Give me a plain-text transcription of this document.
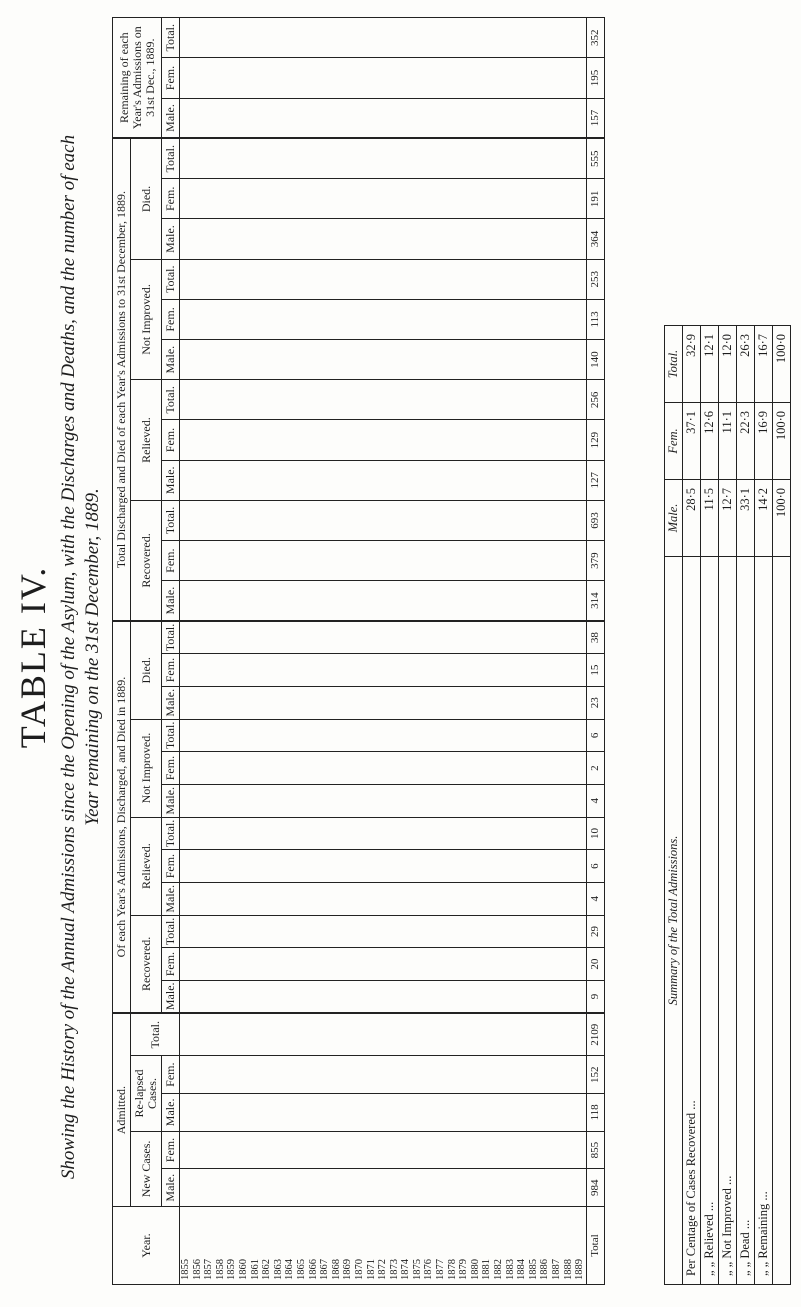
TABLE IV. Showing the History of the Annual Admissions since the Opening of the Asylum, with the Discharges and Deaths, and the number of each Year remaining on the 31st December, 1889.
Year.	Admitted.					Of each Year's Admissions, Discharged, and Died in 1889.												Total Discharged and Died of each Year's Admissions to 31st December, 1889.												Remaining of each Year's Admissions on 31st Dec., 1889.		
	New Cases.		Re-lapsed Cases.		Total.	Recovered.			Relieved.			Not Improved.			Died.			Recovered.			Relieved.			Not Improved.			Died.					
	Male.	Fem.	Male.	Fem.		Male.	Fem.	Total.	Male.	Fem.	Total.	Male.	Fem.	Total.	Male.	Fem.	Total.	Male.	Fem.	Total.	Male.	Fem.	Total.	Male.	Fem.	Total.	Male.	Fem.	Total.	Male.	Fem.	Total.
1855																																
1856																																
1857																																
1858																																
1859																																
1860																																
1861																																
1862																																
1863																																
1864																																
1865																																
1866																																
1867																																
1868																																
1869																																
1870																																
1871																																
1872																																
1873																																
1874																																
1875																																
1876																																
1877																																
1878																																
1879																																
1880																																
1881																																
1882																																
1883																																
1884																																
1885																																
1886																																
1887																																
1888																																
1889																																
Total	984	855	118	152	2109	9	20	29	4	6	10	4	2	6	23	15	38	314	379	693	127	129	256	140	113	253	364	191	555	157	195	352
Summary of the Total Admissions.	Male.	Fem.	Total.
Per Centage of Cases Recovered ...	28·5	37·1	32·9
„ „ Relieved ...	11·5	12·6	12·1
„ „ Not Improved ...	12·7	11·1	12·0
„ „ Dead ...	33·1	22·3	26·3
„ „ Remaining ...	14·2	16·9	16·7
	100·0	100·0	100·0
